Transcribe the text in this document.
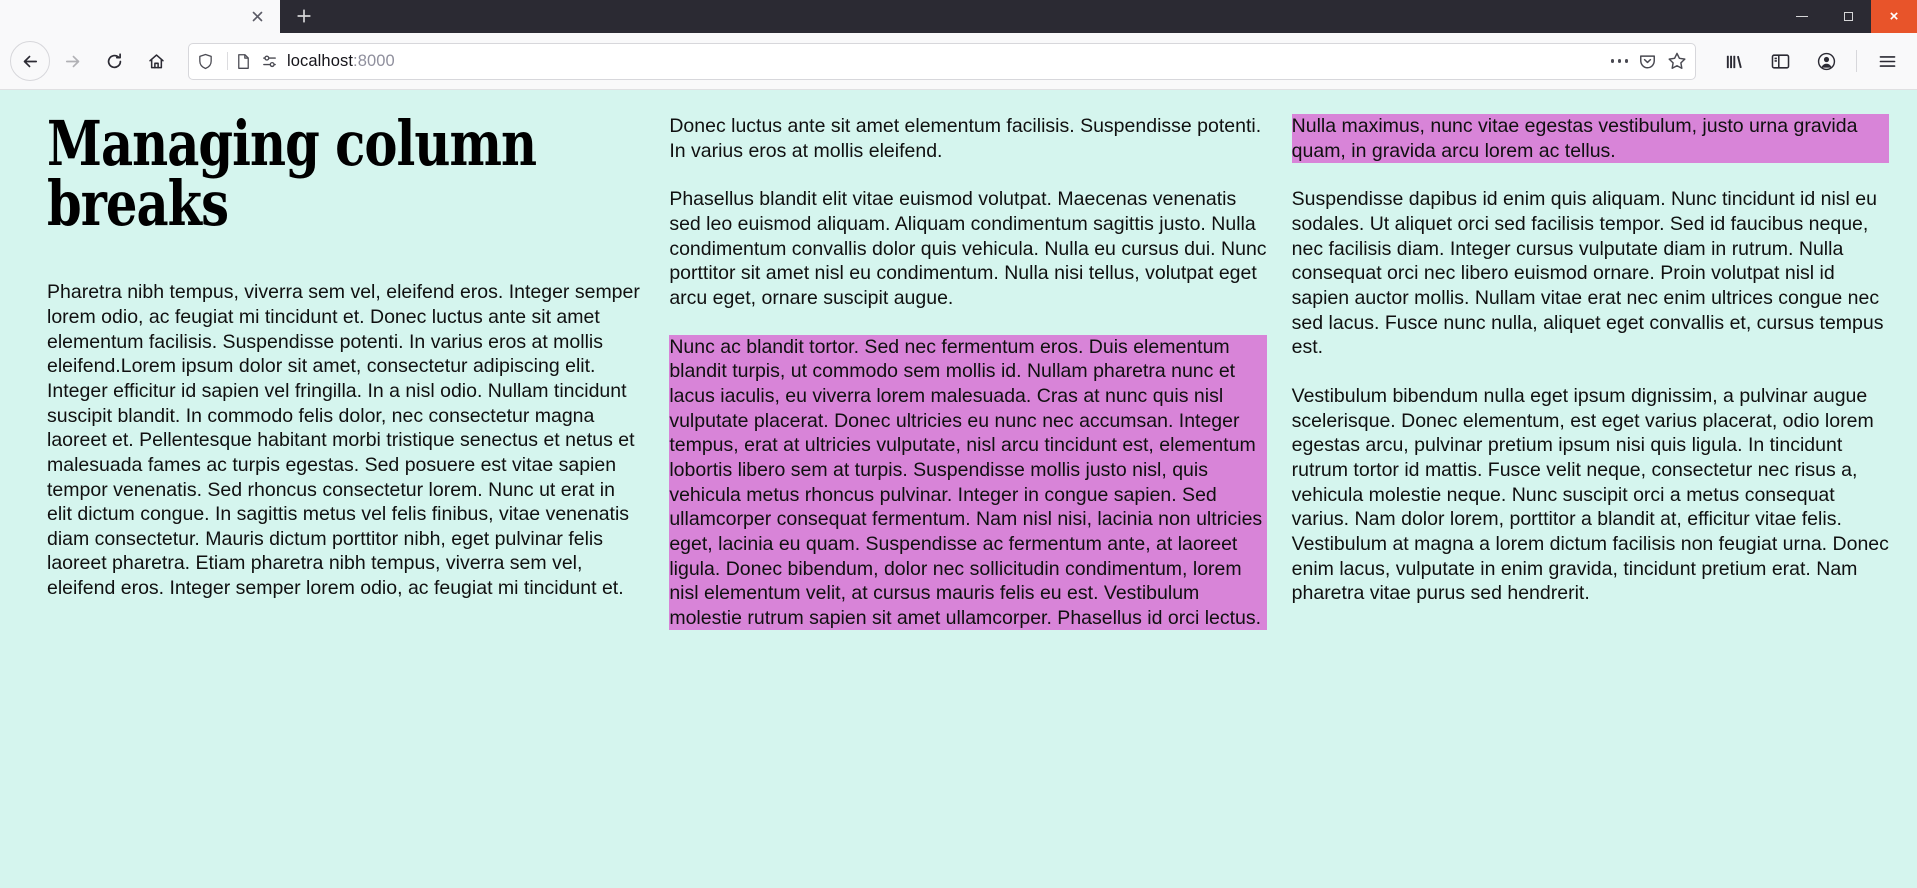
×
localhost:8000
Managing column breaks

Pharetra nibh tempus, viverra sem vel, eleifend eros. Integer semper lorem odio, ac feugiat mi tincidunt et. Donec luctus ante sit amet elementum facilisis. Suspendisse potenti. In varius eros at mollis eleifend.Lorem ipsum dolor sit amet, consectetur adipiscing elit. Integer efficitur id sapien vel fringilla. In a nisl odio. Nullam tincidunt suscipit blandit. In commodo felis dolor, nec consectetur magna laoreet et. Pellentesque habitant morbi tristique senectus et netus et malesuada fames ac turpis egestas. Sed posuere est vitae sapien tempor venenatis. Sed rhoncus consectetur lorem. Nunc ut erat in elit dictum congue. In sagittis metus vel felis finibus, vitae venenatis diam consectetur. Mauris dictum porttitor nibh, eget pulvinar felis laoreet pharetra. Etiam pharetra nibh tempus, viverra sem vel, eleifend eros. Integer semper lorem odio, ac feugiat mi tincidunt et. Donec luctus ante sit amet elementum facilisis. Suspendisse potenti. In varius eros at mollis eleifend.

Phasellus blandit elit vitae euismod volutpat. Maecenas venenatis sed leo euismod aliquam. Aliquam condimentum sagittis justo. Nulla condimentum convallis dolor quis vehicula. Nulla eu cursus dui. Nunc porttitor sit amet nisl eu condimentum. Nulla nisi tellus, volutpat eget arcu eget, ornare suscipit augue.

Nunc ac blandit tortor. Sed nec fermentum eros. Duis elementum blandit turpis, ut commodo sem mollis id. Nullam pharetra nunc et lacus iaculis, eu viverra lorem malesuada. Cras at nunc quis nisl vulputate placerat. Donec ultricies eu nunc nec accumsan. Integer tempus, erat at ultricies vulputate, nisl arcu tincidunt est, elementum lobortis libero sem at turpis. Suspendisse mollis justo nisl, quis vehicula metus rhoncus pulvinar. Integer in congue sapien. Sed ullamcorper consequat fermentum. Nam nisl nisi, lacinia non ultricies eget, lacinia eu quam. Suspendisse ac fermentum ante, at laoreet ligula. Donec bibendum, dolor nec sollicitudin condimentum, lorem nisl elementum velit, at cursus mauris felis eu est. Vestibulum molestie rutrum sapien sit amet ullamcorper. Phasellus id orci lectus. Nulla maximus, nunc vitae egestas vestibulum, justo urna gravida quam, in gravida arcu lorem ac tellus.

Suspendisse dapibus id enim quis aliquam. Nunc tincidunt id nisl eu sodales. Ut aliquet orci sed facilisis tempor. Sed id faucibus neque, nec facilisis diam. Integer cursus vulputate diam in rutrum. Nulla consequat orci nec libero euismod ornare. Proin volutpat nisl id sapien auctor mollis. Nullam vitae erat nec enim ultrices congue nec sed lacus. Fusce nunc nulla, aliquet eget convallis et, cursus tempus est.

Vestibulum bibendum nulla eget ipsum dignissim, a pulvinar augue scelerisque. Donec elementum, est eget varius placerat, odio lorem egestas arcu, pulvinar pretium ipsum nisi quis ligula. In tincidunt rutrum tortor id mattis. Fusce velit neque, consectetur nec risus a, vehicula molestie neque. Nunc suscipit orci a metus consequat varius. Nam dolor lorem, porttitor a blandit at, efficitur vitae felis. Vestibulum at magna a lorem dictum facilisis non feugiat urna. Donec enim lacus, vulputate in enim gravida, tincidunt pretium erat. Nam pharetra vitae purus sed hendrerit.
